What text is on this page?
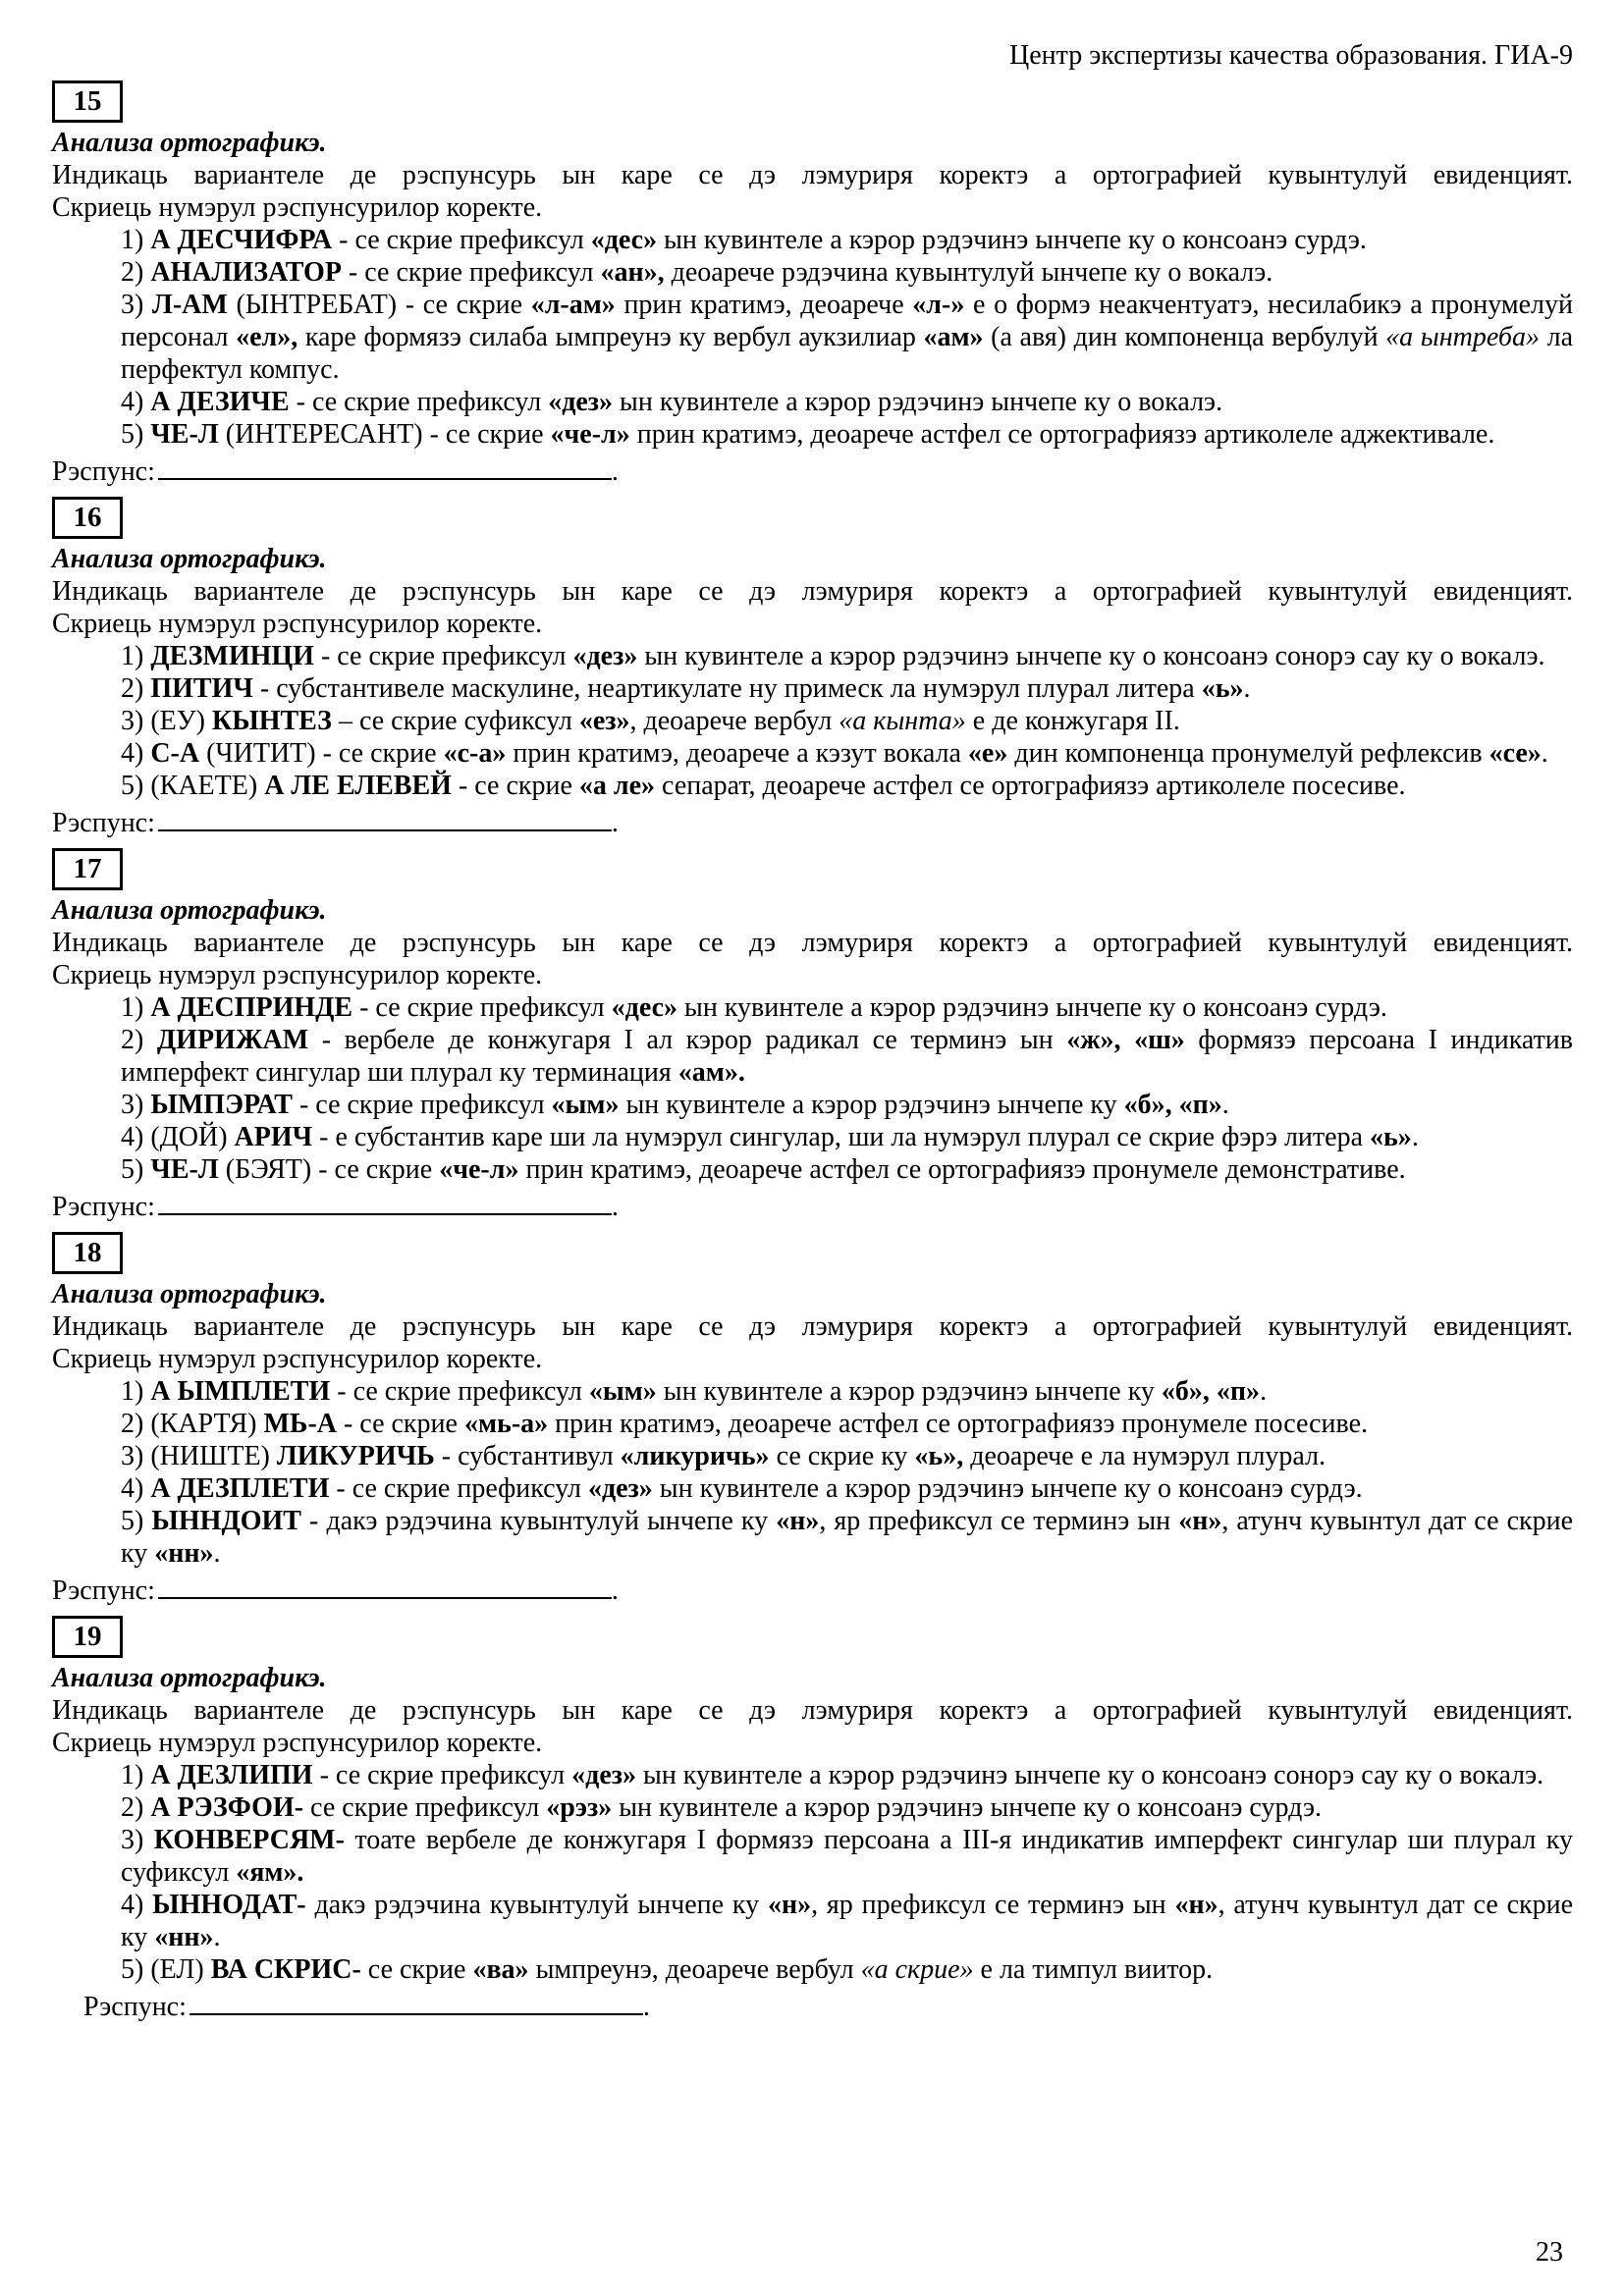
Центр экспертизы качества образования. ГИА-9

15

Анализа ортографикэ.

Индикаць вариантеле де рэспунсурь ын каре се дэ лэмуриря коректэ а ортографией кувынтулуй евиденцият.

Скриець нумэрул рэспунсурилор коректе.

1) А ДЕСЧИФРА - се скрие префиксул «дес» ын кувинтеле а кэрор рэдэчинэ ынчепе ку о консоанэ сурдэ.

2) АНАЛИЗАТОР - се скрие префиксул «ан», деоарече рэдэчина кувынтулуй ынчепе ку о вокалэ.

3) Л-АМ (ЫНТРЕБАТ) - се скрие «л-ам» прин кратимэ, деоарече «л-» е о формэ неакчентуатэ, несилабикэ а пронумелуй персонал «ел», каре формязэ силаба ымпреунэ ку вербул аукзилиар «ам» (а авя) дин компоненца вербулуй «а ынтреба» ла перфектул компус.

4) А ДЕЗИЧЕ - се скрие префиксул «дез» ын кувинтеле а кэрор рэдэчинэ ынчепе ку о вокалэ.

5) ЧЕ-Л (ИНТЕРЕСАНТ) - се скрие «че-л» прин кратимэ, деоарече астфел се ортографиязэ артиколеле аджективале.

Рэспунс:	.

16

Анализа ортографикэ.

Индикаць вариантеле де рэспунсурь ын каре се дэ лэмуриря коректэ а ортографией кувынтулуй евиденцият.

Скриець нумэрул рэспунсурилор коректе.

1) ДЕЗМИНЦИ - се скрие префиксул «дез» ын кувинтеле а кэрор рэдэчинэ ынчепе ку о консоанэ сонорэ сау ку о вокалэ.

2) ПИТИЧ - субстантивеле маскулине, неартикулате ну примеск ла нумэрул плурал литера «ь».

3) (ЕУ) КЫНТЕЗ – се скрие суфиксул «ез», деоарече вербул «а кынта» е де конжугаря II.

4) С-А (ЧИТИТ) - се скрие «с-а» прин кратимэ, деоарече а кэзут вокала «е» дин компоненца пронумелуй рефлексив «се».

5) (КАЕТЕ) А ЛЕ ЕЛЕВЕЙ - се скрие «а ле» сепарат, деоарече астфел се ортографиязэ артиколеле посесиве.

Рэспунс:	.

17

Анализа ортографикэ.

Индикаць вариантеле де рэспунсурь ын каре се дэ лэмуриря коректэ а ортографией кувынтулуй евиденцият.

Скриець нумэрул рэспунсурилор коректе.

1) А ДЕСПРИНДЕ - се скрие префиксул «дес» ын кувинтеле а кэрор рэдэчинэ ынчепе ку о консоанэ сурдэ.

2) ДИРИЖАМ - вербеле де конжугаря I ал кэрор радикал се терминэ ын «ж», «ш» формязэ персоана I индикатив имперфект сингулар ши плурал ку терминация «ам».

3) ЫМПЭРАТ - се скрие префиксул «ым» ын кувинтеле а кэрор рэдэчинэ ынчепе ку «б», «п».

4) (ДОЙ) АРИЧ - е субстантив каре ши ла нумэрул сингулар, ши ла нумэрул плурал се скрие фэрэ литера «ь».

5) ЧЕ-Л (БЭЯТ) - се скрие «че-л» прин кратимэ, деоарече астфел се ортографиязэ пронумеле демонстративе.

Рэспунс:	.

18

Анализа ортографикэ.

Индикаць вариантеле де рэспунсурь ын каре се дэ лэмуриря коректэ а ортографией кувынтулуй евиденцият.

Скриець нумэрул рэспунсурилор коректе.

1) А ЫМПЛЕТИ - се скрие префиксул «ым» ын кувинтеле а кэрор рэдэчинэ ынчепе ку «б», «п».

2) (КАРТЯ) МЬ-А - се скрие «мь-а» прин кратимэ, деоарече астфел се ортографиязэ пронумеле посесиве.

3) (НИШТЕ) ЛИКУРИЧЬ - субстантивул «ликуричь» се скрие ку «ь», деоарече е ла нумэрул плурал.

4) А ДЕЗПЛЕТИ - се скрие префиксул «дез» ын кувинтеле а кэрор рэдэчинэ ынчепе ку о консоанэ сурдэ.

5) ЫННДОИТ - дакэ рэдэчина кувынтулуй ынчепе ку «н», яр префиксул се терминэ ын «н», атунч кувынтул дат се скрие ку «нн».

Рэспунс:	.

19

Анализа ортографикэ.

Индикаць вариантеле де рэспунсурь ын каре се дэ лэмуриря коректэ а ортографией кувынтулуй евиденцият.

Скриець нумэрул рэспунсурилор коректе.

1) А ДЕЗЛИПИ - се скрие префиксул «дез» ын кувинтеле а кэрор рэдэчинэ ынчепе ку о консоанэ сонорэ сау ку о вокалэ.

2) А РЭЗФОИ- се скрие префиксул «рэз» ын кувинтеле а кэрор рэдэчинэ ынчепе ку о консоанэ сурдэ.

3) КОНВЕРСЯМ- тоате вербеле де конжугаря I формязэ персоана а III-я индикатив имперфект сингулар ши плурал ку суфиксул «ям».

4) ЫННОДАТ- дакэ рэдэчина кувынтулуй ынчепе ку «н», яр префиксул се терминэ ын «н», атунч кувынтул дат се скрие ку «нн».

5) (ЕЛ) ВА СКРИС- се скрие «ва» ымпреунэ, деоарече вербул «а скрие» е ла тимпул виитор.

Рэспунс:	.

23
